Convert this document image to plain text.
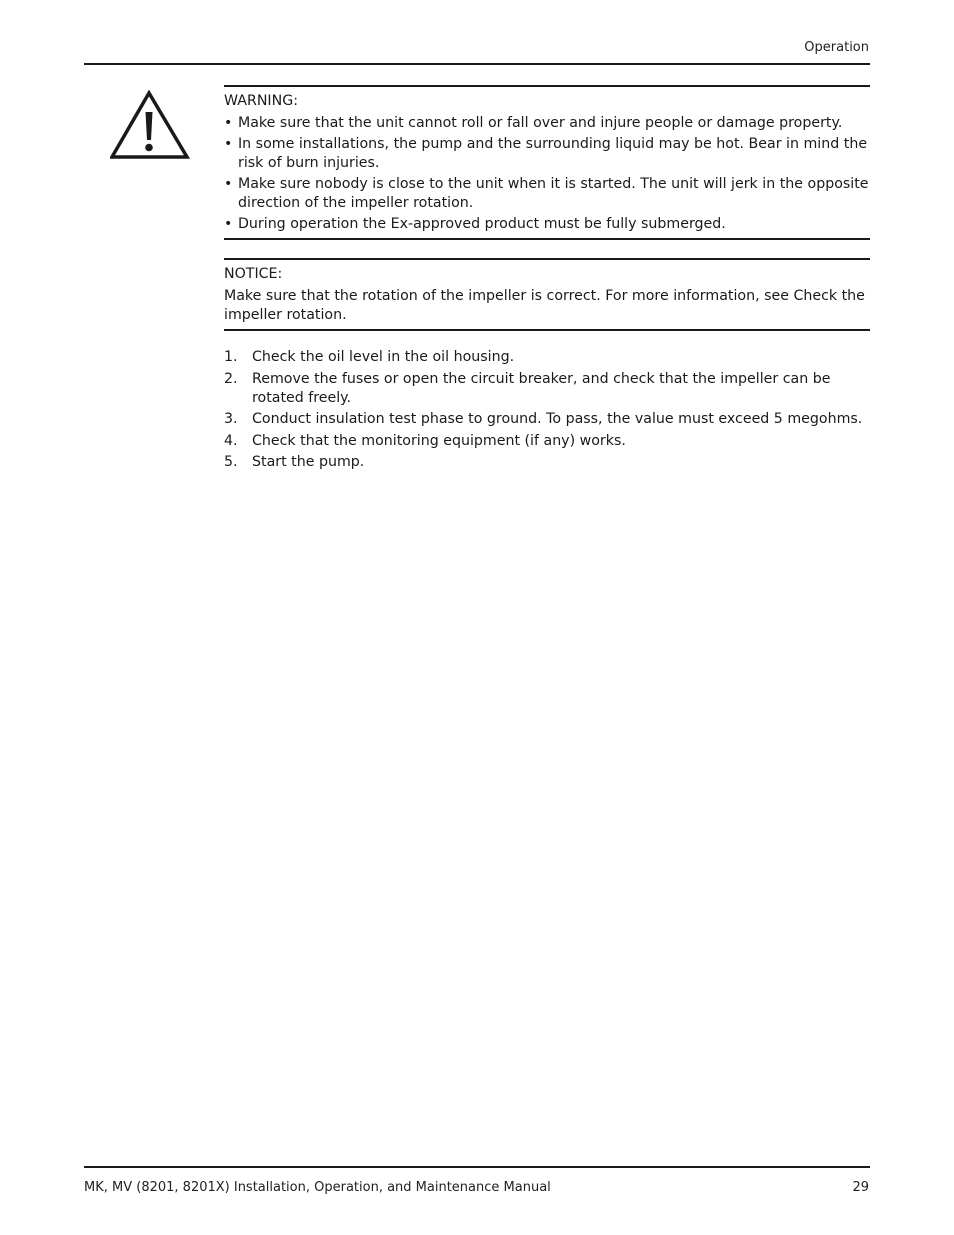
Operation

WARNING:

• Make sure that the unit cannot roll or fall over and injure people or damage property.
• In some installations, the pump and the surrounding liquid may be hot. Bear in mind the risk of burn injuries.
• Make sure nobody is close to the unit when it is started. The unit will jerk in the opposite direction of the impeller rotation.
• During operation the Ex-approved product must be fully submerged.

NOTICE:

Make sure that the rotation of the impeller is correct. For more information, see Check the impeller rotation.

1. Check the oil level in the oil housing.
2. Remove the fuses or open the circuit breaker, and check that the impeller can be rotated freely.
3. Conduct insulation test phase to ground. To pass, the value must exceed 5 megohms.
4. Check that the monitoring equipment (if any) works.
5. Start the pump.
MK, MV (8201, 8201X) Installation, Operation, and Maintenance Manual	29
